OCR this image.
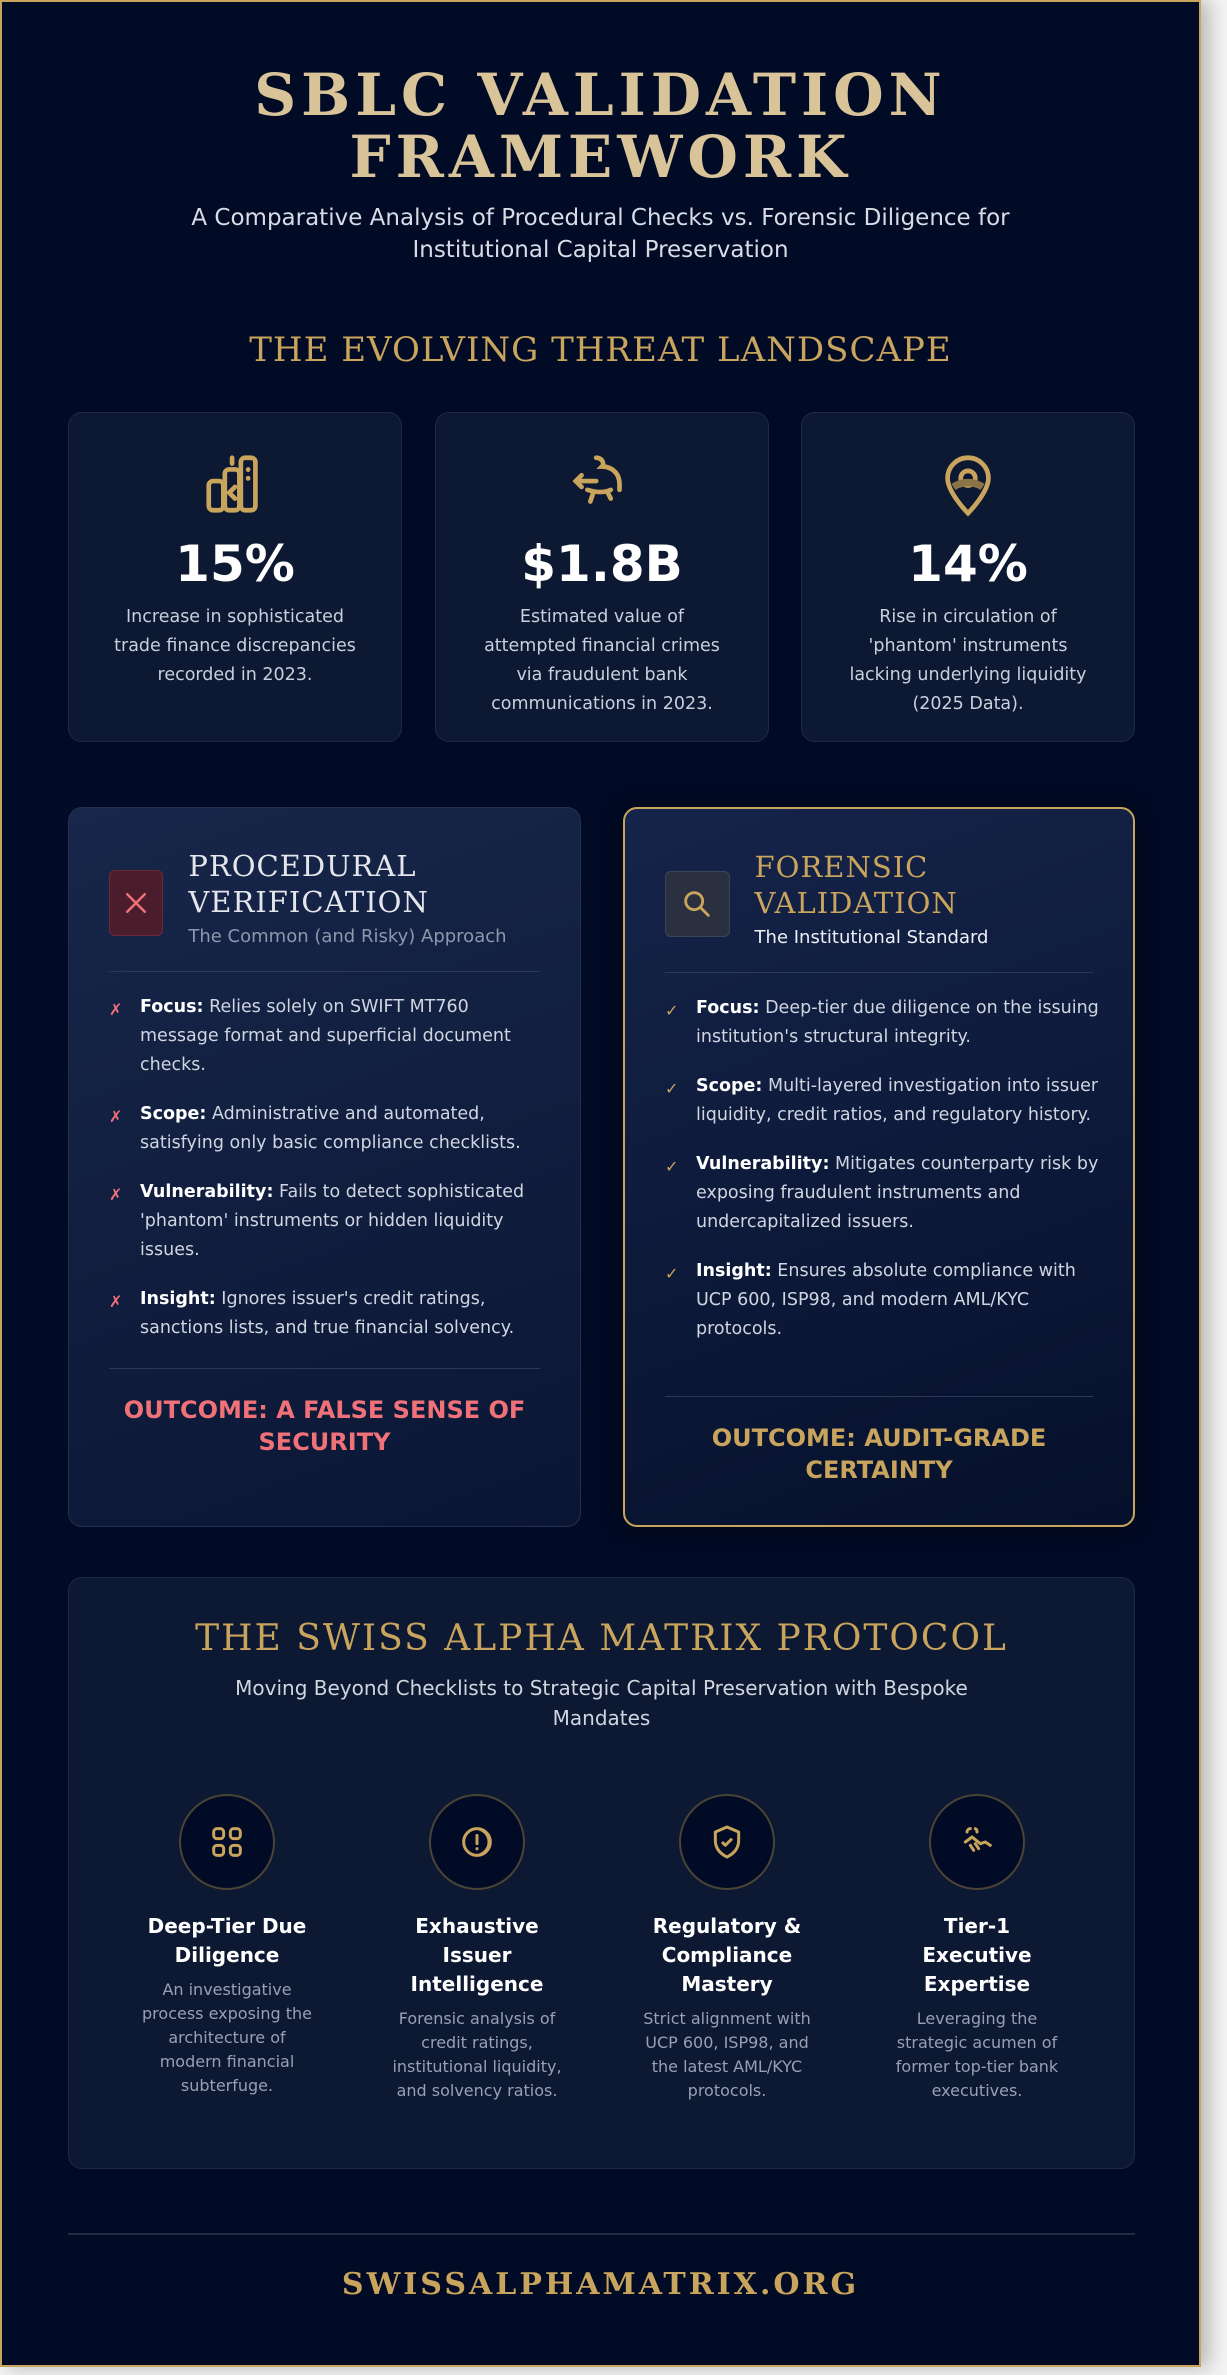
SBLC VALIDATION
FRAMEWORK
A Comparative Analysis of Procedural Checks vs. Forensic Diligence for Institutional Capital Preservation
THE EVOLVING THREAT LANDSCAPE
15%
Increase in sophisticated trade finance discrepancies recorded in 2023.
$1.8B
Estimated value of attempted financial crimes via fraudulent bank communications in 2023.
14%
Rise in circulation of 'phantom' instruments lacking underlying liquidity (2025 Data).
PROCEDURAL VERIFICATION
The Common (and Risky) Approach
✗	Focus: Relies solely on SWIFT MT760 message format and superficial document checks.
✗	Scope: Administrative and automated, satisfying only basic compliance checklists.
✗	Vulnerability: Fails to detect sophisticated 'phantom' instruments or hidden liquidity issues.
✗	Insight: Ignores issuer's credit ratings, sanctions lists, and true financial solvency.
OUTCOME: A FALSE SENSE OF SECURITY
FORENSIC VALIDATION
The Institutional Standard
✓	Focus: Deep-tier due diligence on the issuing institution's structural integrity.
✓	Scope: Multi-layered investigation into issuer liquidity, credit ratios, and regulatory history.
✓	Vulnerability: Mitigates counterparty risk by exposing fraudulent instruments and undercapitalized issuers.
✓	Insight: Ensures absolute compliance with UCP 600, ISP98, and modern AML/KYC protocols.
OUTCOME: AUDIT-GRADE CERTAINTY
THE SWISS ALPHA MATRIX PROTOCOL
Moving Beyond Checklists to Strategic Capital Preservation with Bespoke Mandates
Deep-Tier Due Diligence
An investigative process exposing the architecture of modern financial subterfuge.
Exhaustive Issuer Intelligence
Forensic analysis of credit ratings, institutional liquidity, and solvency ratios.
Regulatory & Compliance Mastery
Strict alignment with UCP 600, ISP98, and the latest AML/KYC protocols.
Tier-1 Executive Expertise
Leveraging the strategic acumen of former top-tier bank executives.
SWISSALPHAMATRIX.ORG
